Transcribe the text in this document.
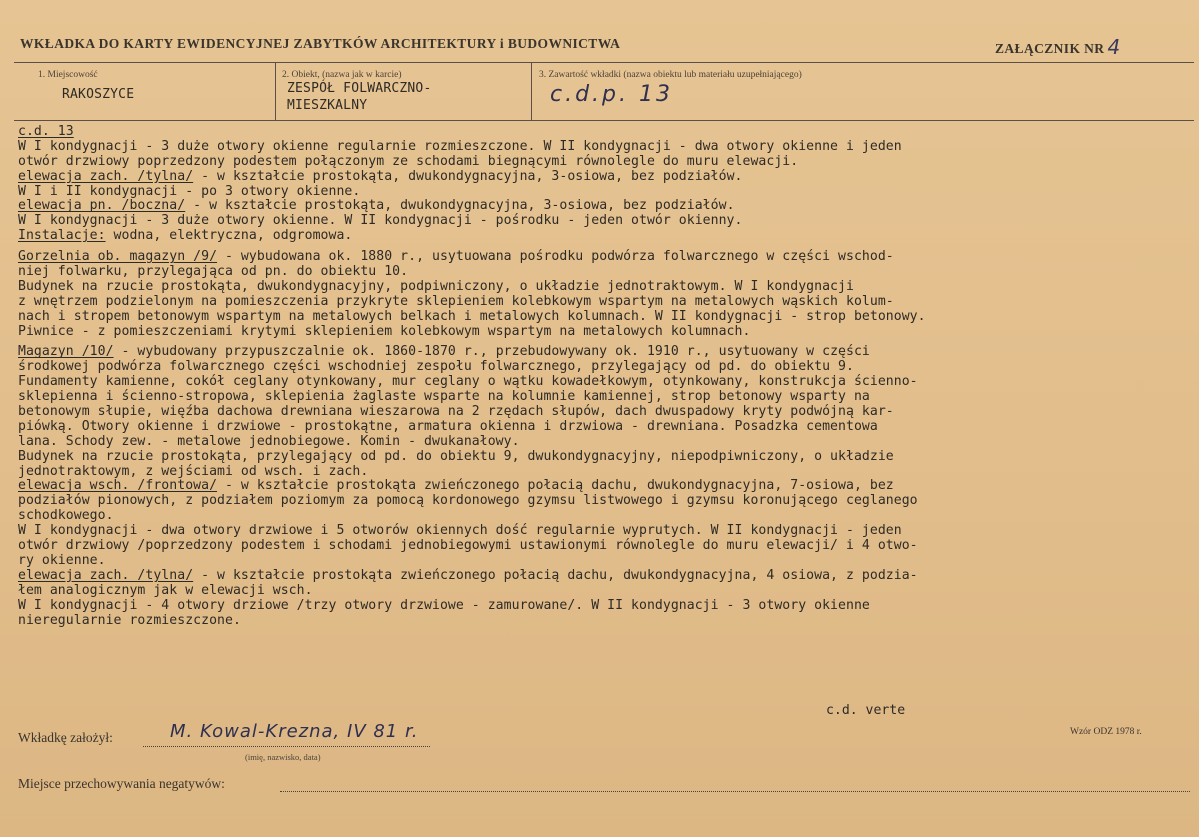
WKŁADKA DO KARTY EWIDENCYJNEJ ZABYTKÓW ARCHITEKTURY i BUDOWNICTWA	ZAŁĄCZNIK NR 4
1. Miejscowość
RAKOSZYCE
2. Obiekt, (nazwa jak w karcie)
ZESPÓŁ FOLWARCZNO-
MIESZKALNY
3. Zawartość wkładki (nazwa obiektu lub materiału uzupełniającego)
c.d.p. 13
c.d. 13
W I kondygnacji - 3 duże otwory okienne regularnie rozmieszczone. W II kondygnacji - dwa otwory okienne i jeden
otwór drzwiowy poprzedzony podestem połączonym ze schodami biegnącymi równolegle do muru elewacji.
elewacja zach. /tylna/ - w kształcie prostokąta, dwukondygnacyjna, 3-osiowa, bez podziałów.
W I i II kondygnacji - po 3 otwory okienne.
elewacja pn. /boczna/ - w kształcie prostokąta, dwukondygnacyjna, 3-osiowa, bez podziałów.
W I kondygnacji - 3 duże otwory okienne. W II kondygnacji - pośrodku - jeden otwór okienny.
Instalacje: wodna, elektryczna, odgromowa.
Gorzelnia ob. magazyn /9/ - wybudowana ok. 1880 r., usytuowana pośrodku podwórza folwarcznego w części wschod-
niej folwarku, przylegająca od pn. do obiektu 10.
Budynek na rzucie prostokąta, dwukondygnacyjny, podpiwniczony, o układzie jednotraktowym. W I kondygnacji
z wnętrzem podzielonym na pomieszczenia przykryte sklepieniem kolebkowym wspartym na metalowych wąskich kolum-
nach i stropem betonowym wspartym na metalowych belkach i metalowych kolumnach. W II kondygnacji - strop betonowy.
Piwnice - z pomieszczeniami krytymi sklepieniem kolebkowym wspartym na metalowych kolumnach.
Magazyn /10/ - wybudowany przypuszczalnie ok. 1860-1870 r., przebudowywany ok. 1910 r., usytuowany w części
środkowej podwórza folwarcznego części wschodniej zespołu folwarcznego, przylegający od pd. do obiektu 9.
Fundamenty kamienne, cokół ceglany otynkowany, mur ceglany o wątku kowadełkowym, otynkowany, konstrukcja ścienno-
sklepienna i ścienno-stropowa, sklepienia żaglaste wsparte na kolumnie kamiennej, strop betonowy wsparty na
betonowym słupie, więźba dachowa drewniana wieszarowa na 2 rzędach słupów, dach dwuspadowy kryty podwójną kar-
piówką. Otwory okienne i drzwiowe - prostokątne, armatura okienna i drzwiowa - drewniana. Posadzka cementowa
lana. Schody zew. - metalowe jednobiegowe. Komin - dwukanałowy.
Budynek na rzucie prostokąta, przylegający od pd. do obiektu 9, dwukondygnacyjny, niepodpiwniczony, o układzie
jednotraktowym, z wejściami od wsch. i zach.
elewacja wsch. /frontowa/ - w kształcie prostokąta zwieńczonego połacią dachu, dwukondygnacyjna, 7-osiowa, bez
podziałów pionowych, z podziałem poziomym za pomocą kordonowego gzymsu listwowego i gzymsu koronującego ceglanego
schodkowego.
W I kondygnacji - dwa otwory drzwiowe i 5 otworów okiennych dość regularnie wyprutych. W II kondygnacji - jeden
otwór drzwiowy /poprzedzony podestem i schodami jednobiegowymi ustawionymi równolegle do muru elewacji/ i 4 otwo-
ry okienne.
elewacja zach. /tylna/ - w kształcie prostokąta zwieńczonego połacią dachu, dwukondygnacyjna, 4 osiowa, z podzia-
łem analogicznym jak w elewacji wsch.
W I kondygnacji - 4 otwory drziowe /trzy otwory drzwiowe - zamurowane/. W II kondygnacji - 3 otwory okienne
nieregularnie rozmieszczone.
c.d. verte
Wkładkę założył:	M. Kowal-Krezna, IV 81 r.
(imię, nazwisko, data)
Wzór ODZ 1978 r.
Miejsce przechowywania negatywów:
